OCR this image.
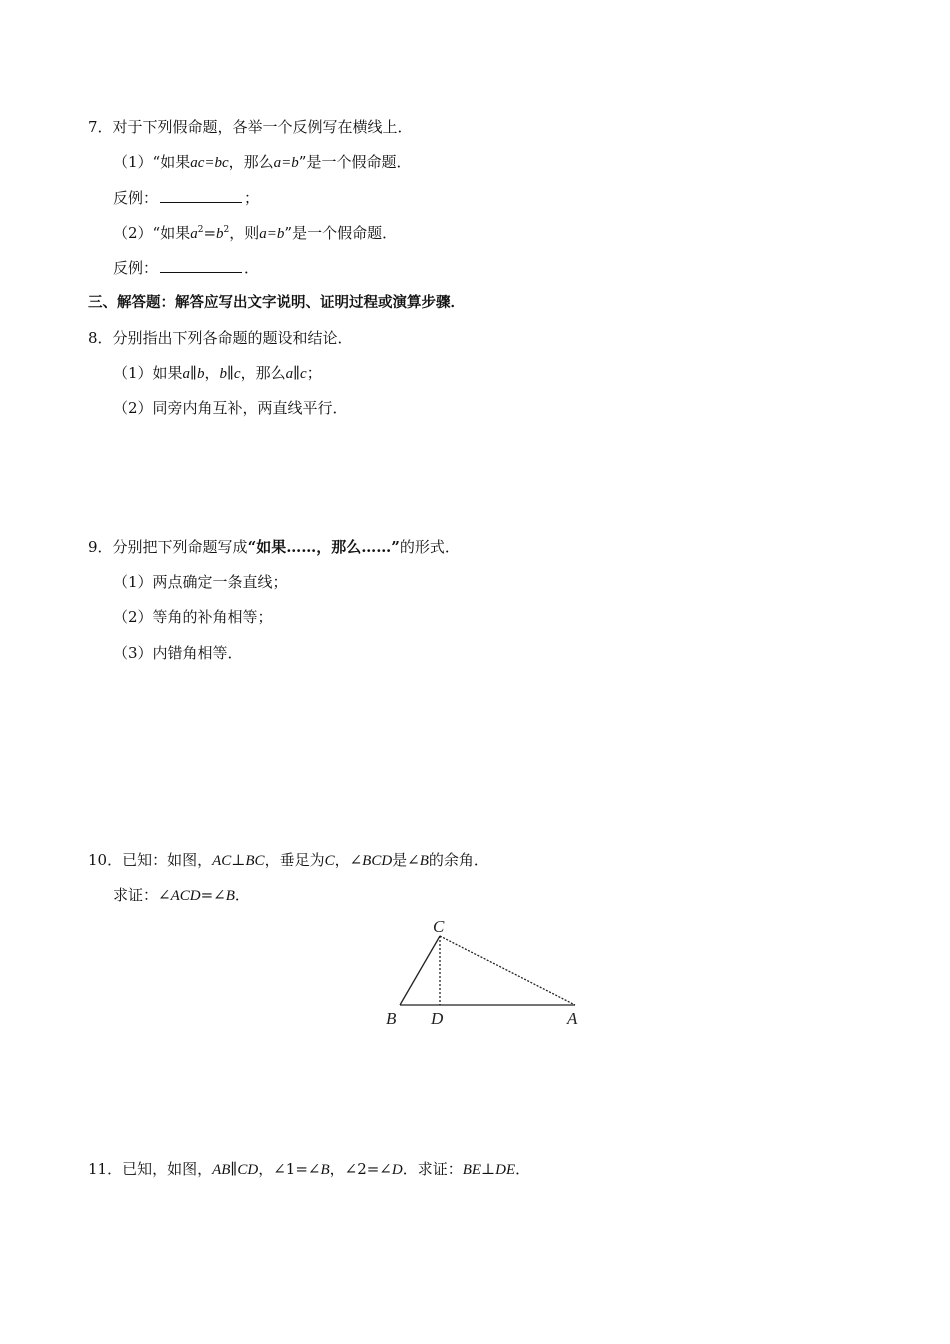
7．对于下列假命题，各举一个反例写在横线上．
（1）“如果ac=bc，那么a=b”是一个假命题．
反例：	；
（2）“如果$a^2=b^2$，则a=b”是一个假命题．
反例：	．
三、解答题：解答应写出文字说明、证明过程或演算步骤．
8．分别指出下列各命题的题设和结论．
（1）如果a∥b，b∥c，那么a∥c；
（2）同旁内角互补，两直线平行．
9．分别把下列命题写成“如果……，那么……”的形式．
（1）两点确定一条直线；
（2）等角的补角相等；
（3）内错角相等．
10．已知：如图，AC⊥BC，垂足为C，∠BCD是∠B的余角．
求证：∠ACD=∠B．
C
B D	A
11．已知，如图，AB∥CD，∠1=∠B，∠2=∠D．求证：BE⊥DE．
